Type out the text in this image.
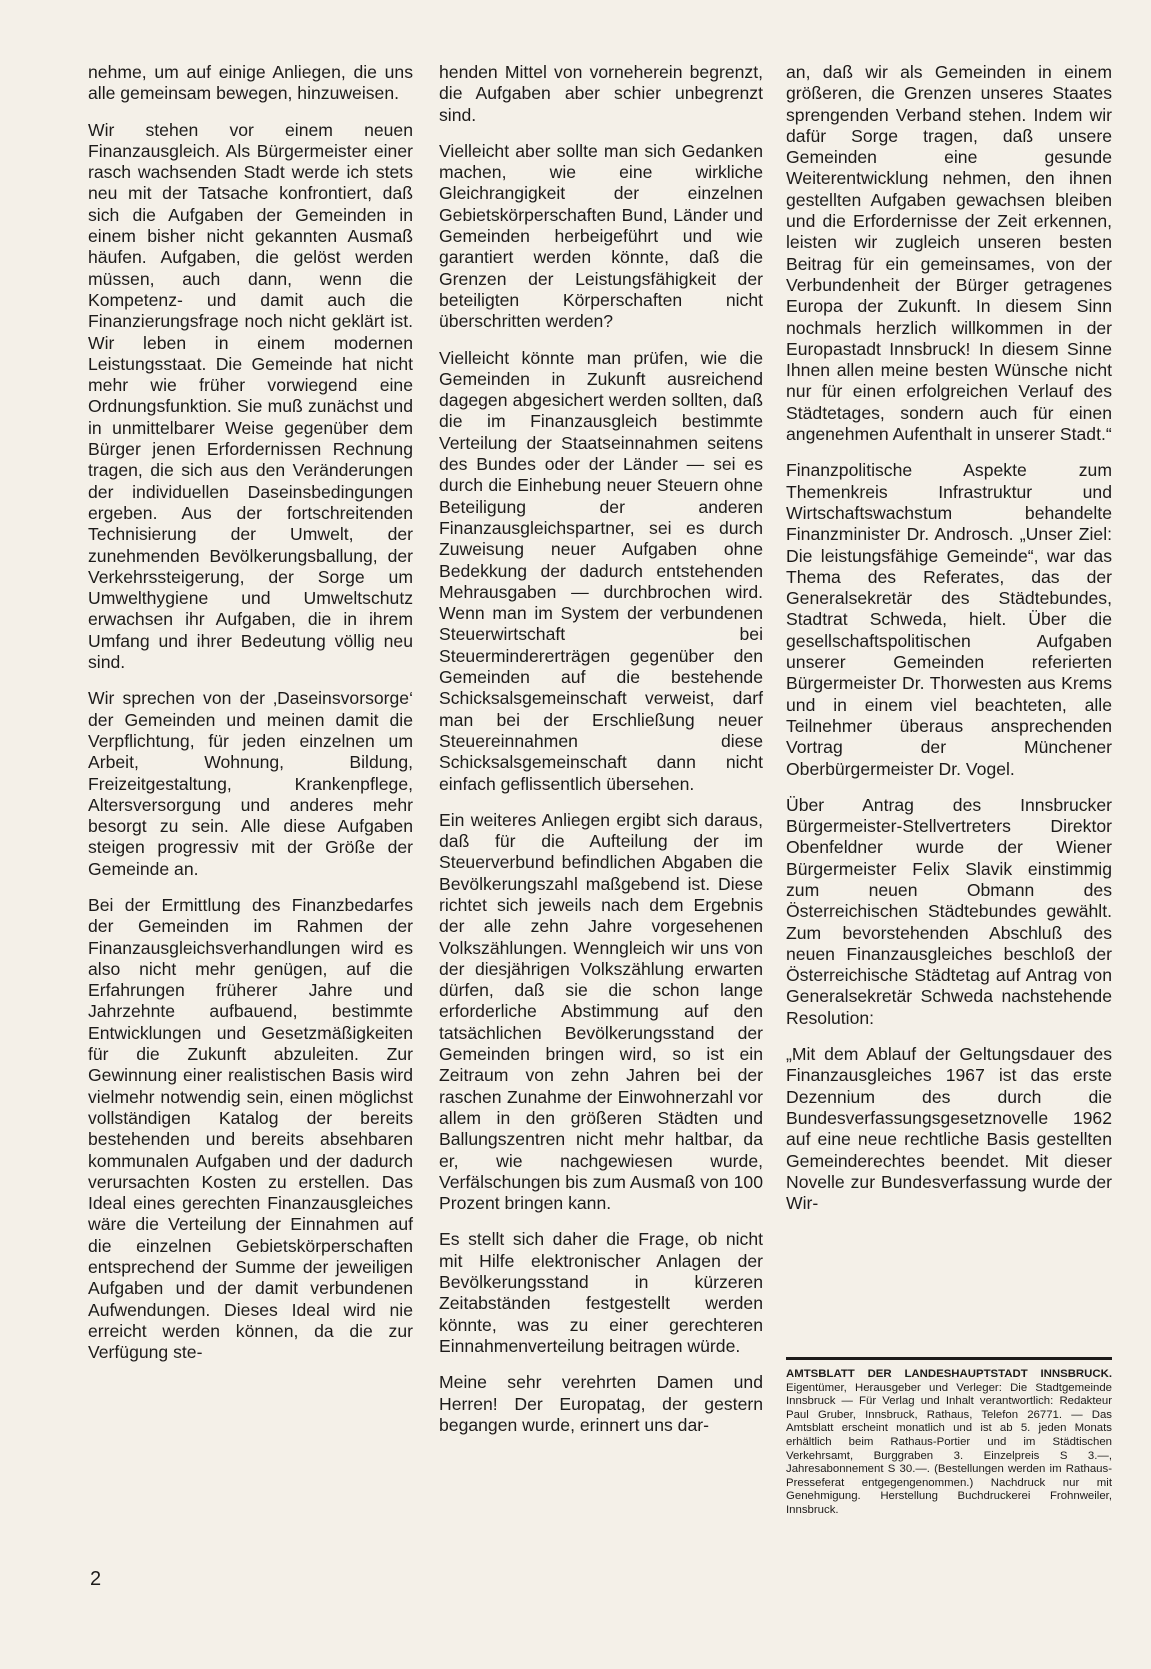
nehme, um auf einige Anliegen, die uns alle gemeinsam bewegen, hinzuweisen.

Wir stehen vor einem neuen Finanzausgleich. Als Bürgermeister einer rasch wachsenden Stadt werde ich stets neu mit der Tatsache konfrontiert, daß sich die Aufgaben der Gemeinden in einem bisher nicht gekannten Ausmaß häufen. Aufgaben, die gelöst werden müssen, auch dann, wenn die Kompetenz- und damit auch die Finanzierungsfrage noch nicht geklärt ist. Wir leben in einem modernen Leistungsstaat. Die Gemeinde hat nicht mehr wie früher vorwiegend eine Ordnungsfunktion. Sie muß zunächst und in unmittelbarer Weise gegenüber dem Bürger jenen Erfordernissen Rechnung tragen, die sich aus den Veränderungen der individuellen Daseinsbedingungen ergeben. Aus der fortschreitenden Technisierung der Umwelt, der zunehmenden Bevölkerungsballung, der Verkehrssteigerung, der Sorge um Umwelthygiene und Umweltschutz erwachsen ihr Aufgaben, die in ihrem Umfang und ihrer Bedeutung völlig neu sind.

Wir sprechen von der ‚Daseinsvorsorge‘ der Gemeinden und meinen damit die Verpflichtung, für jeden einzelnen um Arbeit, Wohnung, Bildung, Freizeitgestaltung, Krankenpflege, Altersversorgung und anderes mehr besorgt zu sein. Alle diese Aufgaben steigen progressiv mit der Größe der Gemeinde an.

Bei der Ermittlung des Finanzbedarfes der Gemeinden im Rahmen der Finanzausgleichsverhandlungen wird es also nicht mehr genügen, auf die Erfahrungen früherer Jahre und Jahrzehnte aufbauend, bestimmte Entwicklungen und Gesetzmäßigkeiten für die Zukunft abzuleiten. Zur Gewinnung einer realistischen Basis wird vielmehr notwendig sein, einen möglichst vollständigen Katalog der bereits bestehenden und bereits absehbaren kommunalen Aufgaben und der dadurch verursachten Kosten zu erstellen. Das Ideal eines gerechten Finanzausgleiches wäre die Verteilung der Einnahmen auf die einzelnen Gebietskörperschaften entsprechend der Summe der jeweiligen Aufgaben und der damit verbundenen Aufwendungen. Dieses Ideal wird nie erreicht werden können, da die zur Verfügung ste-

henden Mittel von vorneherein begrenzt, die Aufgaben aber schier unbegrenzt sind.

Vielleicht aber sollte man sich Gedanken machen, wie eine wirkliche Gleichrangigkeit der einzelnen Gebietskörperschaften Bund, Länder und Gemeinden herbeigeführt und wie garantiert werden könnte, daß die Grenzen der Leistungsfähigkeit der beteiligten Körperschaften nicht überschritten werden?

Vielleicht könnte man prüfen, wie die Gemeinden in Zukunft ausreichend dagegen abgesichert werden sollten, daß die im Finanzausgleich bestimmte Verteilung der Staatseinnahmen seitens des Bundes oder der Länder — sei es durch die Einhebung neuer Steuern ohne Beteiligung der anderen Finanzausgleichspartner, sei es durch Zuweisung neuer Aufgaben ohne Bedekkung der dadurch entstehenden Mehrausgaben — durchbrochen wird. Wenn man im System der verbundenen Steuerwirtschaft bei Steuermindererträgen gegenüber den Gemeinden auf die bestehende Schicksalsgemeinschaft verweist, darf man bei der Erschließung neuer Steuereinnahmen diese Schicksalsgemeinschaft dann nicht einfach geflissentlich übersehen.

Ein weiteres Anliegen ergibt sich daraus, daß für die Aufteilung der im Steuerverbund befindlichen Abgaben die Bevölkerungszahl maßgebend ist. Diese richtet sich jeweils nach dem Ergebnis der alle zehn Jahre vorgesehenen Volkszählungen. Wenngleich wir uns von der diesjährigen Volkszählung erwarten dürfen, daß sie die schon lange erforderliche Abstimmung auf den tatsächlichen Bevölkerungsstand der Gemeinden bringen wird, so ist ein Zeitraum von zehn Jahren bei der raschen Zunahme der Einwohnerzahl vor allem in den größeren Städten und Ballungszentren nicht mehr haltbar, da er, wie nachgewiesen wurde, Verfälschungen bis zum Ausmaß von 100 Prozent bringen kann.

Es stellt sich daher die Frage, ob nicht mit Hilfe elektronischer Anlagen der Bevölkerungsstand in kürzeren Zeitabständen festgestellt werden könnte, was zu einer gerechteren Einnahmenverteilung beitragen würde.

Meine sehr verehrten Damen und Herren! Der Europatag, der gestern begangen wurde, erinnert uns dar-

an, daß wir als Gemeinden in einem größeren, die Grenzen unseres Staates sprengenden Verband stehen. Indem wir dafür Sorge tragen, daß unsere Gemeinden eine gesunde Weiterentwicklung nehmen, den ihnen gestellten Aufgaben gewachsen bleiben und die Erfordernisse der Zeit erkennen, leisten wir zugleich unseren besten Beitrag für ein gemeinsames, von der Verbundenheit der Bürger getragenes Europa der Zukunft. In diesem Sinn nochmals herzlich willkommen in der Europastadt Innsbruck! In diesem Sinne Ihnen allen meine besten Wünsche nicht nur für einen erfolgreichen Verlauf des Städtetages, sondern auch für einen angenehmen Aufenthalt in unserer Stadt.“

Finanzpolitische Aspekte zum Themenkreis Infrastruktur und Wirtschaftswachstum behandelte Finanzminister Dr. Androsch. „Unser Ziel: Die leistungsfähige Gemeinde“, war das Thema des Referates, das der Generalsekretär des Städtebundes, Stadtrat Schweda, hielt. Über die gesellschaftspolitischen Aufgaben unserer Gemeinden referierten Bürgermeister Dr. Thorwesten aus Krems und in einem viel beachteten, alle Teilnehmer überaus ansprechenden Vortrag der Münchener Oberbürgermeister Dr. Vogel.

Über Antrag des Innsbrucker Bürgermeister-Stellvertreters Direktor Obenfeldner wurde der Wiener Bürgermeister Felix Slavik einstimmig zum neuen Obmann des Österreichischen Städtebundes gewählt. Zum bevorstehenden Abschluß des neuen Finanzausgleiches beschloß der Österreichische Städtetag auf Antrag von Generalsekretär Schweda nachstehende Resolution:

„Mit dem Ablauf der Geltungsdauer des Finanzausgleiches 1967 ist das erste Dezennium des durch die Bundesverfassungsgesetznovelle 1962 auf eine neue rechtliche Basis gestellten Gemeinderechtes beendet. Mit dieser Novelle zur Bundesverfassung wurde der Wir-

AMTSBLATT DER LANDESHAUPTSTADT INNSBRUCK. Eigentümer, Herausgeber und Verleger: Die Stadtgemeinde Innsbruck — Für Verlag und Inhalt verantwortlich: Redakteur Paul Gruber, Innsbruck, Rathaus, Telefon 26771. — Das Amtsblatt erscheint monatlich und ist ab 5. jeden Monats erhältlich beim Rathaus-Portier und im Städtischen Verkehrsamt, Burggraben 3. Einzelpreis S 3.—, Jahresabonnement S 30.—. (Bestellungen werden im Rathaus-Presseferat entgegengenommen.) Nachdruck nur mit Genehmigung. Herstellung Buchdruckerei Frohnweiler, Innsbruck.
2
